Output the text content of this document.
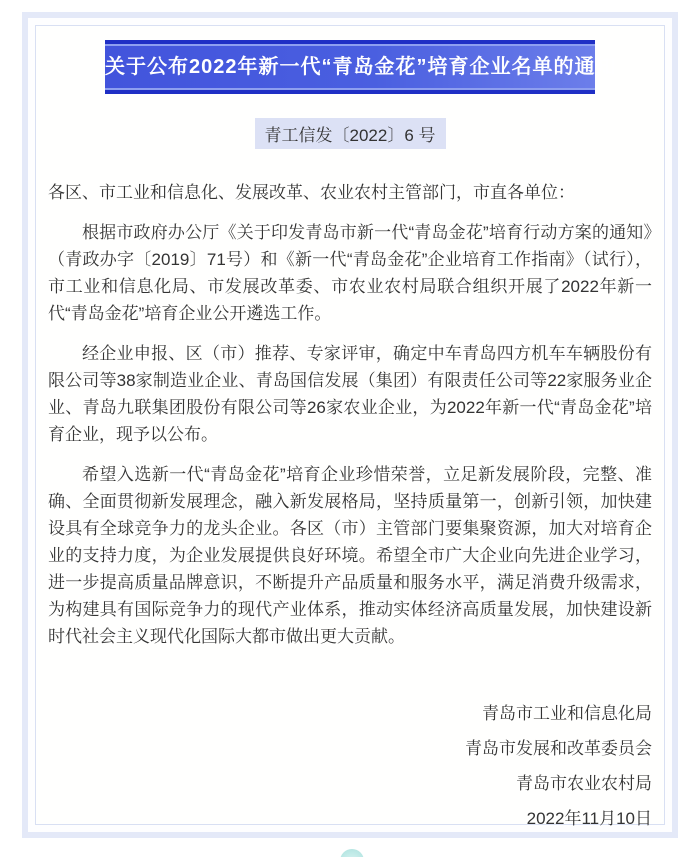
关于公布2022年新一代“青岛金花”培育企业名单的通知
青工信发〔2022〕6 号

各区、市工业和信息化、发展改革、农业农村主管部门，市直各单位：

根据市政府办公厅《关于印发青岛市新一代“青岛金花”培育行动方案的通知》（青政办字〔2019〕71号）和《新一代“青岛金花”企业培育工作指南》（试行），市工业和信息化局、市发展改革委、市农业农村局联合组织开展了2022年新一代“青岛金花”培育企业公开遴选工作。

经企业申报、区（市）推荐、专家评审，确定中车青岛四方机车车辆股份有限公司等38家制造业企业、青岛国信发展（集团）有限责任公司等22家服务业企业、青岛九联集团股份有限公司等26家农业企业，为2022年新一代“青岛金花”培育企业，现予以公布。

希望入选新一代“青岛金花”培育企业珍惜荣誉，立足新发展阶段，完整、准确、全面贯彻新发展理念，融入新发展格局，坚持质量第一，创新引领，加快建设具有全球竞争力的龙头企业。各区（市）主管部门要集聚资源，加大对培育企业的支持力度，为企业发展提供良好环境。希望全市广大企业向先进企业学习，进一步提高质量品牌意识，不断提升产品质量和服务水平，满足消费升级需求，为构建具有国际竞争力的现代产业体系，推动实体经济高质量发展，加快建设新时代社会主义现代化国际大都市做出更大贡献。

青岛市工业和信息化局
青岛市发展和改革委员会
青岛市农业农村局
2022年11月10日
